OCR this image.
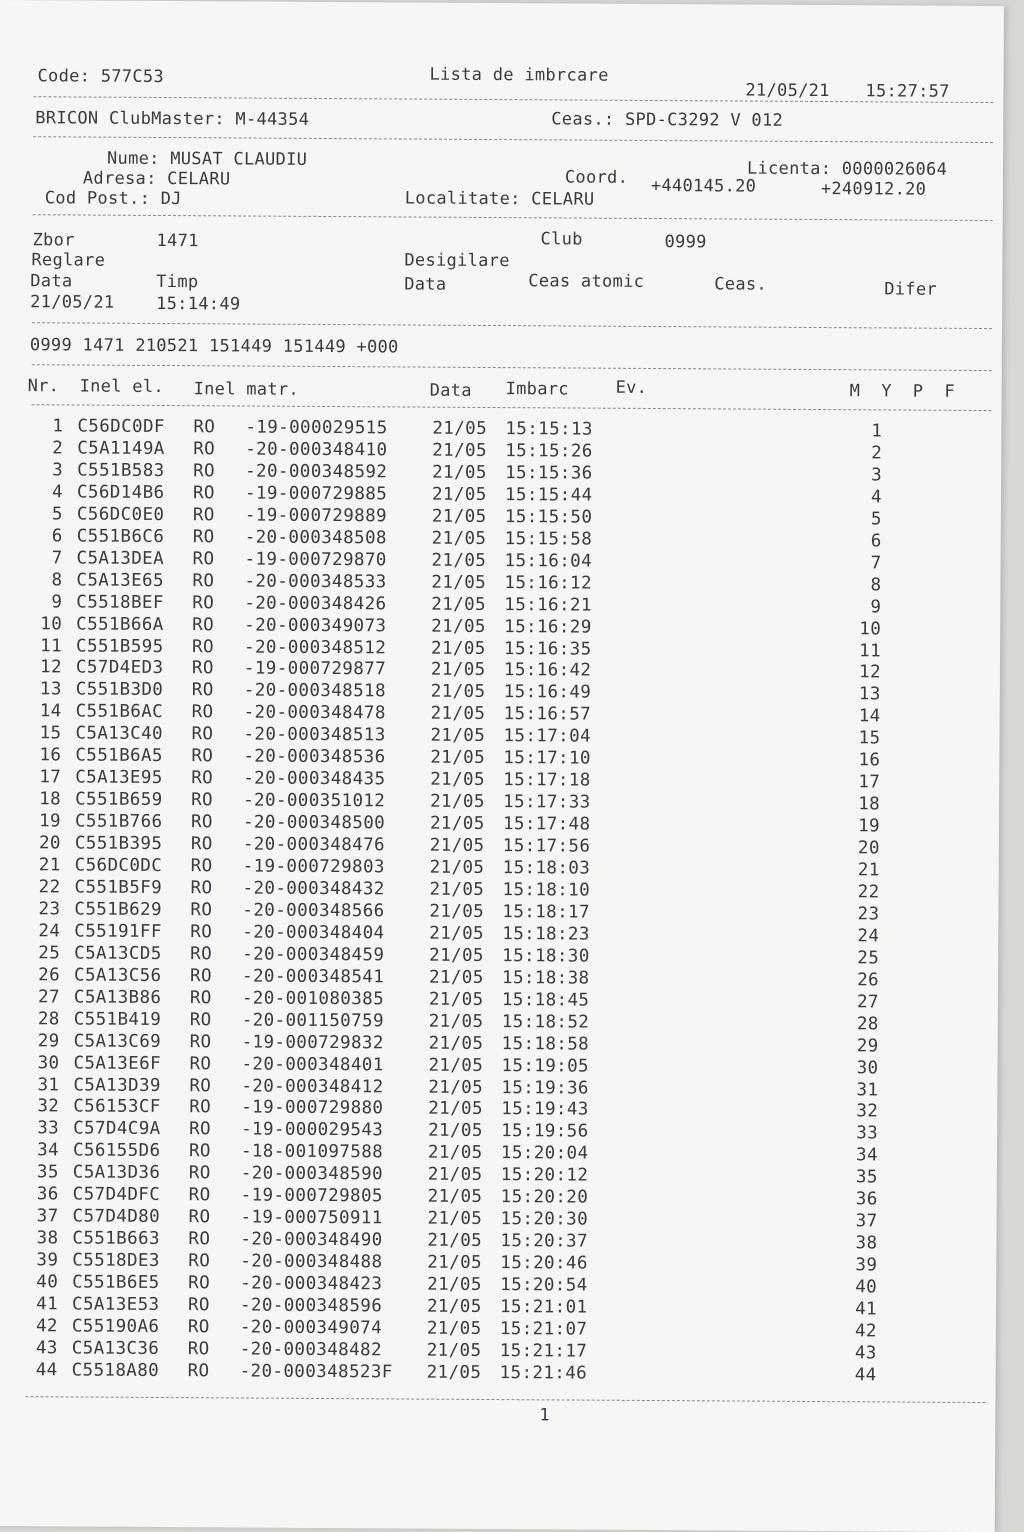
Code: 577C53	Lista de imbrcare
21/05/21 15:27:57
BRICON ClubMaster: M-44354	Ceas.: SPD-C3292 V 012
Nume: MUSAT CLAUDIU	Licenta: 0000026064
Adresa: CELARU	Coord. +440145.20	+240912.20
Cod Post.: DJ	Localitate: CELARU
Zbor	1471	Club	0999
Reglare	Desigilare
Data	Timp	Data	Ceas atomic	Ceas.	Difer
21/05/21 15:14:49
0999 1471 210521 151449 151449 +000
Nr. Inel el. Inel matr.	Data Imbarc	Ev.	M  Y  P  F
1 C56DC0DF RO -19-000029515	21/05 15:15:13	1
2 C5A1149A RO -20-000348410	21/05 15:15:26	2
3 C551B583 RO -20-000348592	21/05 15:15:36	3
4 C56D14B6 RO -19-000729885	21/05 15:15:44	4
5 C56DC0E0 RO -19-000729889	21/05 15:15:50	5
6 C551B6C6 RO -20-000348508	21/05 15:15:58	6
7 C5A13DEA RO -19-000729870	21/05 15:16:04	7
8 C5A13E65 RO -20-000348533	21/05 15:16:12	8
9 C5518BEF RO -20-000348426	21/05 15:16:21	9
10 C551B66A RO -20-000349073	21/05 15:16:29	10
11 C551B595 RO -20-000348512	21/05 15:16:35	11
12 C57D4ED3 RO -19-000729877	21/05 15:16:42	12
13 C551B3D0 RO -20-000348518	21/05 15:16:49	13
14 C551B6AC RO -20-000348478	21/05 15:16:57	14
15 C5A13C40 RO -20-000348513	21/05 15:17:04	15
16 C551B6A5 RO -20-000348536	21/05 15:17:10	16
17 C5A13E95 RO -20-000348435	21/05 15:17:18	17
18 C551B659 RO -20-000351012	21/05 15:17:33	18
19 C551B766 RO -20-000348500	21/05 15:17:48	19
20 C551B395 RO -20-000348476	21/05 15:17:56	20
21 C56DC0DC RO -19-000729803	21/05 15:18:03	21
22 C551B5F9 RO -20-000348432	21/05 15:18:10	22
23 C551B629 RO -20-000348566	21/05 15:18:17	23
24 C55191FF RO -20-000348404	21/05 15:18:23	24
25 C5A13CD5 RO -20-000348459	21/05 15:18:30	25
26 C5A13C56 RO -20-000348541	21/05 15:18:38	26
27 C5A13B86 RO -20-001080385	21/05 15:18:45	27
28 C551B419 RO -20-001150759	21/05 15:18:52	28
29 C5A13C69 RO -19-000729832	21/05 15:18:58	29
30 C5A13E6F RO -20-000348401	21/05 15:19:05	30
31 C5A13D39 RO -20-000348412	21/05 15:19:36	31
32 C56153CF RO -19-000729880	21/05 15:19:43	32
33 C57D4C9A RO -19-000029543	21/05 15:19:56	33
34 C56155D6 RO -18-001097588	21/05 15:20:04	34
35 C5A13D36 RO -20-000348590	21/05 15:20:12	35
36 C57D4DFC RO -19-000729805	21/05 15:20:20	36
37 C57D4D80 RO -19-000750911	21/05 15:20:30	37
38 C551B663 RO -20-000348490	21/05 15:20:37	38
39 C5518DE3 RO -20-000348488	21/05 15:20:46	39
40 C551B6E5 RO -20-000348423	21/05 15:20:54	40
41 C5A13E53 RO -20-000348596	21/05 15:21:01	41
42 C55190A6 RO -20-000349074	21/05 15:21:07	42
43 C5A13C36 RO -20-000348482	21/05 15:21:17	43
44 C5518A80 RO -20-000348523F 21/05 15:21:46	44
1
